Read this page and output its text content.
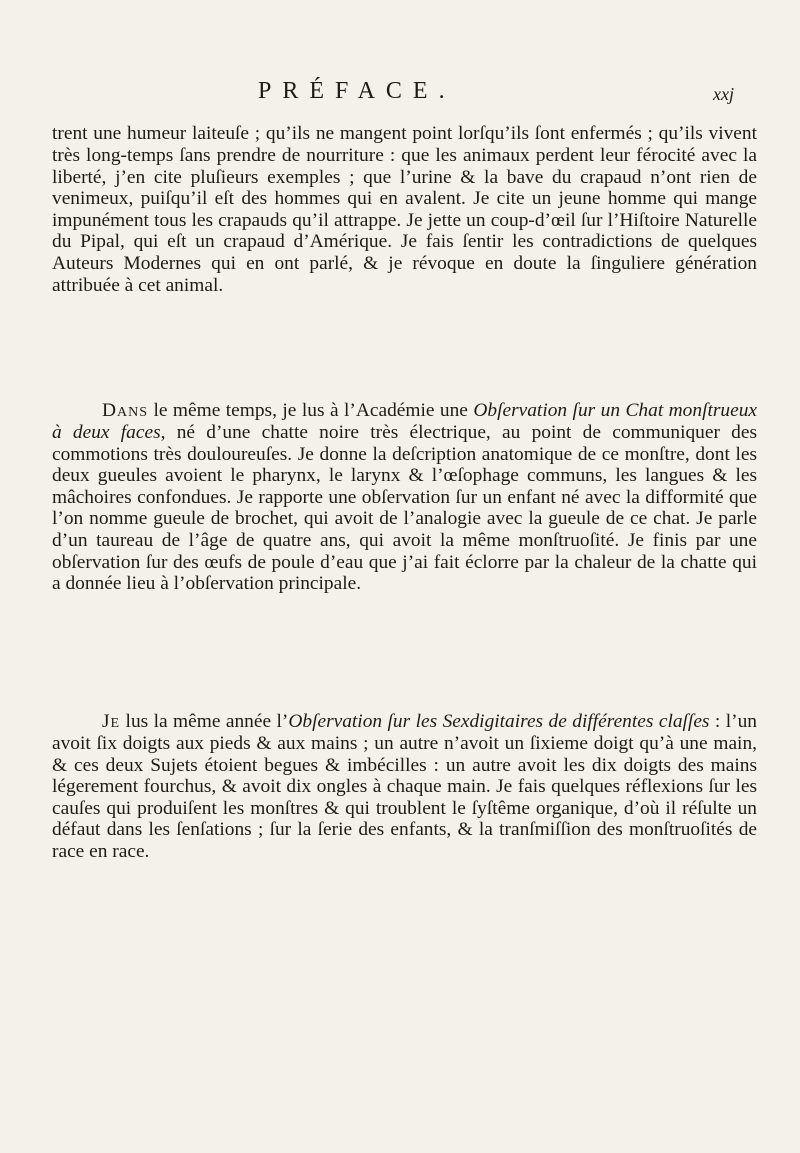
PRÉFACE.	xxj

trent une humeur laiteuſe ; qu’ils ne mangent point lorſqu’ils ſont enfermés ; qu’ils vivent très long-temps ſans prendre de nourriture : que les animaux perdent leur férocité avec la liberté, j’en cite pluſieurs exemples ; que l’urine & la bave du crapaud n’ont rien de venimeux, puiſqu’il eſt des hommes qui en avalent. Je cite un jeune homme qui mange impunément tous les crapauds qu’il attrappe. Je jette un coup-d’œil ſur l’Hiſtoire Naturelle du Pipal, qui eſt un crapaud d’Amérique. Je fais ſentir les contradictions de quelques Auteurs Modernes qui en ont parlé, & je révoque en doute la ſinguliere génération attribuée à cet animal.

Dans le même temps, je lus à l’Académie une Obſervation ſur un Chat monſtrueux à deux faces, né d’une chatte noire très électrique, au point de communiquer des commotions très douloureuſes. Je donne la deſcription anatomique de ce monſtre, dont les deux gueules avoient le pharynx, le larynx & l’œſophage communs, les langues & les mâchoires confondues. Je rapporte une obſervation ſur un enfant né avec la difformité que l’on nomme gueule de brochet, qui avoit de l’analogie avec la gueule de ce chat. Je parle d’un taureau de l’âge de quatre ans, qui avoit la même monſtruoſité. Je finis par une obſervation ſur des œufs de poule d’eau que j’ai fait éclorre par la chaleur de la chatte qui a donnée lieu à l’obſervation principale.

Je lus la même année l’Obſervation ſur les Sexdigitaires de différentes claſſes : l’un avoit ſix doigts aux pieds & aux mains ; un autre n’avoit un ſixieme doigt qu’à une main, & ces deux Sujets étoient begues & imbécilles : un autre avoit les dix doigts des mains légerement fourchus, & avoit dix ongles à chaque main. Je fais quelques réflexions ſur les cauſes qui produiſent les monſtres & qui troublent le ſyſtême organique, d’où il réſulte un défaut dans les ſenſations ; ſur la ſerie des enfants, & la tranſmiſſion des monſtruoſités de race en race.
